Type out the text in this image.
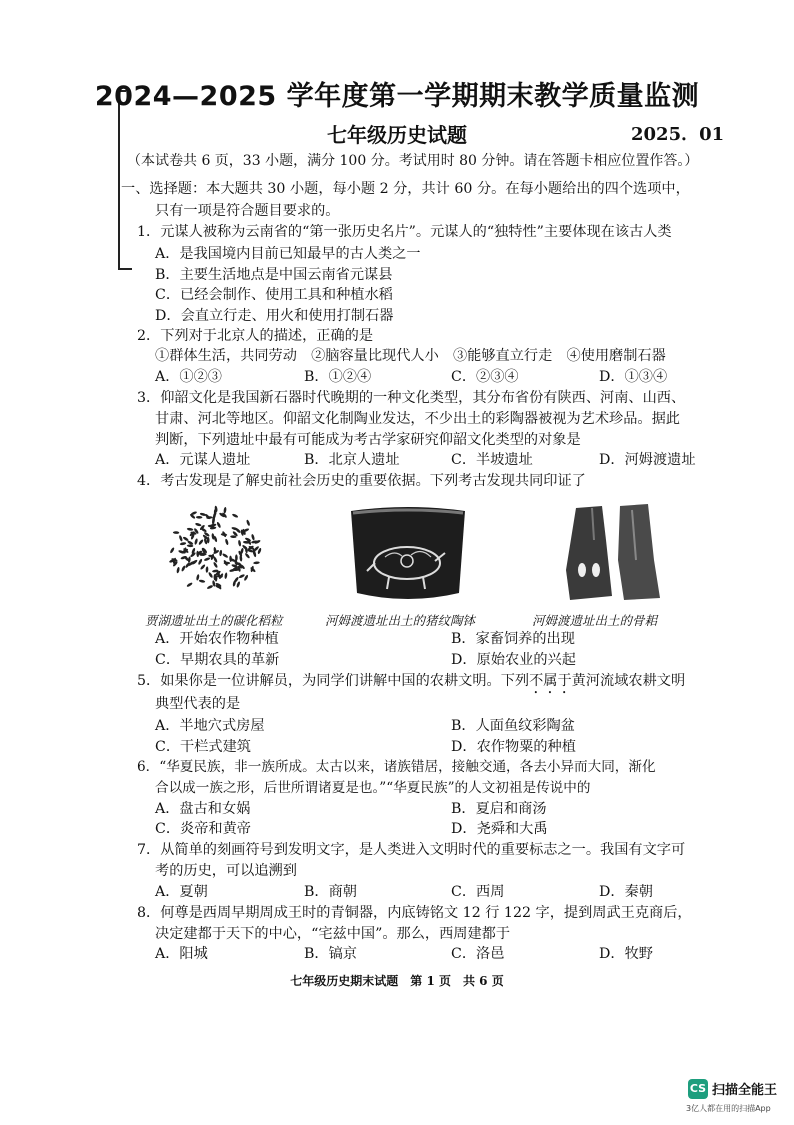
2024—2025 学年度第一学期期末教学质量监测
七年级历史试题	2025．01
（本试卷共 6 页，33 小题，满分 100 分。考试用时 80 分钟。请在答题卡相应位置作答。）
一、选择题：本大题共 30 小题，每小题 2 分，共计 60 分。在每小题给出的四个选项中，
只有一项是符合题目要求的。
1．元谋人被称为云南省的“第一张历史名片”。元谋人的“独特性”主要体现在该古人类
A．是我国境内目前已知最早的古人类之一
B．主要生活地点是中国云南省元谋县
C．已经会制作、使用工具和种植水稻
D．会直立行走、用火和使用打制石器
2．下列对于北京人的描述，正确的是
①群体生活，共同劳动　②脑容量比现代人小　③能够直立行走　④使用磨制石器
A．①②③	B．①②④	C．②③④	D．①③④
3．仰韶文化是我国新石器时代晚期的一种文化类型，其分布省份有陕西、河南、山西、
甘肃、河北等地区。仰韶文化制陶业发达，不少出土的彩陶器被视为艺术珍品。据此
判断，下列遗址中最有可能成为考古学家研究仰韶文化类型的对象是
A．元谋人遗址	B．北京人遗址	C．半坡遗址	D．河姆渡遗址
4．考古发现是了解史前社会历史的重要依据。下列考古发现共同印证了
贾湖遗址出土的碳化稻粒	河姆渡遗址出土的猪纹陶钵	河姆渡遗址出土的骨耜
A．开始农作物种植	B．家畜饲养的出现
C．早期农具的革新	D．原始农业的兴起
5．如果你是一位讲解员，为同学们讲解中国的农耕文明。下列不属于黄河流域农耕文明
典型代表的是
A．半地穴式房屋	B．人面鱼纹彩陶盆
C．干栏式建筑	D．农作物粟的种植
6．“华夏民族，非一族所成。太古以来，诸族错居，接触交通，各去小异而大同，渐化
合以成一族之形，后世所谓诸夏是也。”“华夏民族”的人文初祖是传说中的
A．盘古和女娲	B．夏启和商汤
C．炎帝和黄帝	D．尧舜和大禹
7．从简单的刻画符号到发明文字，是人类进入文明时代的重要标志之一。我国有文字可
考的历史，可以追溯到
A．夏朝	B．商朝	C．西周	D．秦朝
8．何尊是西周早期周成王时的青铜器，内底铸铭文 12 行 122 字，提到周武王克商后，
决定建都于天下的中心，“宅兹中国”。那么，西周建都于
A．阳城	B．镐京	C．洛邑	D．牧野
七年级历史期末试题　第 1 页　共 6 页
CS 扫描全能王
3亿人都在用的扫描App
